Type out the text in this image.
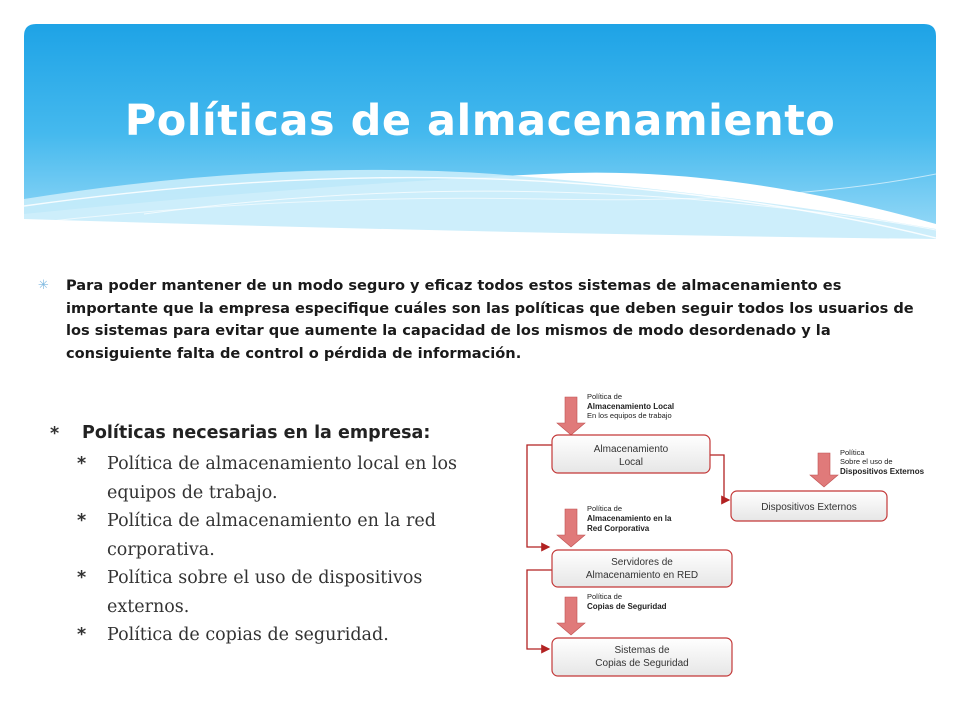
Políticas de almacenamiento
✳ Para poder mantener de un modo seguro y eficaz todos estos sistemas de almacenamiento es importante que la empresa especifique cuáles son las políticas que deben seguir todos los usuarios de los sistemas para evitar que aumente la capacidad de los mismos de modo desordenado y la consiguiente falta de control o pérdida de información.
* Políticas necesarias en la empresa:
* Política de almacenamiento local en los equipos de trabajo.
* Política de almacenamiento en la red corporativa.
* Política sobre el uso de dispositivos externos.
* Política de copias de seguridad.
Política de
Almacenamiento Local
En los equipos de trabajo
Política
Sobre el uso de
Dispositivos Externos
Política de
Almacenamiento en la
Red Corporativa
Política de
Copias de Seguridad
Almacenamiento
Local
Dispositivos Externos
Servidores de
Almacenamiento en RED
Sistemas de
Copias de Seguridad
